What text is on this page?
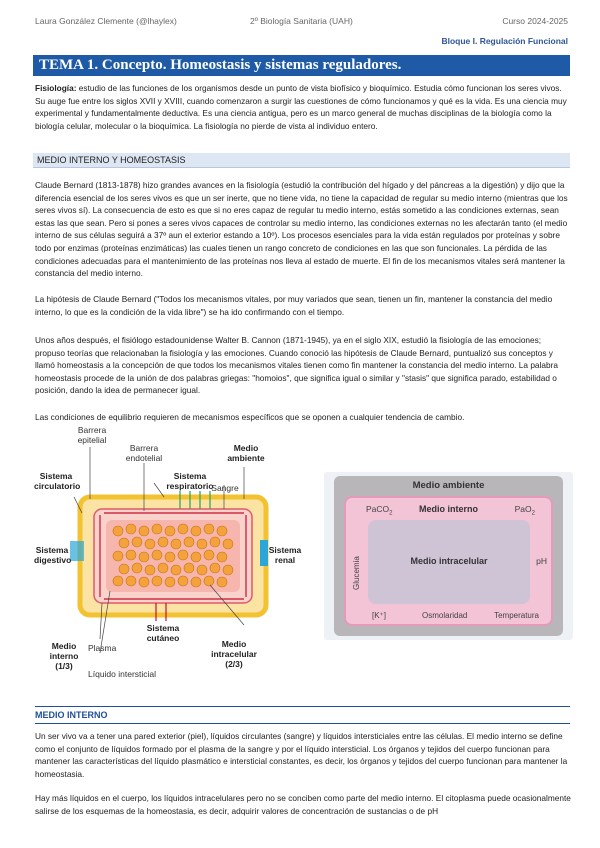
Laura González Clemente (@lhaylex)	2º Biología Sanitaria (UAH)	Curso 2024-2025
Bloque I. Regulación Funcional
TEMA 1. Concepto. Homeostasis y sistemas reguladores.
Fisiología: estudio de las funciones de los organismos desde un punto de vista biofísico y bioquímico. Estudia cómo funcionan los seres vivos. Su auge fue entre los siglos XVII y XVIII, cuando comenzaron a surgir las cuestiones de cómo funcionamos y qué es la vida. Es una ciencia muy experimental y fundamentalmente deductiva. Es una ciencia antigua, pero es un marco general de muchas disciplinas de la biología como la biología celular, molecular o la bioquímica. La fisiología no pierde de vista al individuo entero.
MEDIO INTERNO Y HOMEOSTASIS
Claude Bernard (1813-1878) hizo grandes avances en la fisiología (estudió la contribución del hígado y del páncreas a la digestión) y dijo que la diferencia esencial de los seres vivos es que un ser inerte, que no tiene vida, no tiene la capacidad de regular su medio interno (mientras que los seres vivos sí). La consecuencia de esto es que si no eres capaz de regular tu medio interno, estás sometido a las condiciones externas, sean estas las que sean. Pero si pones a seres vivos capaces de controlar su medio interno, las condiciones externas no les afectarán tanto (el medio interno de sus células seguirá a 37º aun el exterior estando a 10º). Los procesos esenciales para la vida están regulados por proteínas y sobre todo por enzimas (proteínas enzimáticas) las cuales tienen un rango concreto de condiciones en las que son funcionales. La pérdida de las condiciones adecuadas para el mantenimiento de las proteínas nos lleva al estado de muerte. El fin de los mecanismos vitales será mantener la constancia del medio interno.
La hipótesis de Claude Bernard ("Todos los mecanismos vitales, por muy variados que sean, tienen un fin, mantener la constancia del medio interno, lo que es la condición de la vida libre") se ha ido confirmando con el tiempo.
Unos años después, el fisiólogo estadounidense Walter B. Cannon (1871-1945), ya en el siglo XIX, estudió la fisiología de las emociones; propuso teorías que relacionaban la fisiología y las emociones. Cuando conoció las hipótesis de Claude Bernard, puntualizó sus conceptos y llamó homeostasis a la concepción de que todos los mecanismos vitales tienen como fin mantener la constancia del medio interno. La palabra homeostasis procede de la unión de dos palabras griegas: "homoios", que significa igual o similar y "stasis" que significa parado, estabilidad o posición, dando la idea de permanecer igual.
Las condiciones de equilibrio requieren de mecanismos específicos que se oponen a cualquier tendencia de cambio.
Barrera
epitelial
Barrera
endotelial
Medio
ambiente
Sistema
circulatorio
Sistema
respiratorio
Sangre
Sistema
digestivo
Sistema
renal
Sistema
cutáneo
Medio
interno
(1/3)
Plasma
Líquido intersticial
Medio
intracelular
(2/3)
Medio ambiente
PaCO$_2$	Medio interno	PaO$_2$
Glucemia	Medio intracelular	pH
[K⁺]	Osmolaridad	Temperatura
MEDIO INTERNO
Un ser vivo va a tener una pared exterior (piel), líquidos circulantes (sangre) y líquidos intersticiales entre las células. El medio interno se define como el conjunto de líquidos formado por el plasma de la sangre y por el líquido intersticial. Los órganos y tejidos del cuerpo funcionan para mantener las características del líquido plasmático e intersticial constantes, es decir, los órganos y tejidos del cuerpo funcionan para mantener la homeostasia.
Hay más líquidos en el cuerpo, los líquidos intracelulares pero no se conciben como parte del medio interno. El citoplasma puede ocasionalmente salirse de los esquemas de la homeostasia, es decir, adquirir valores de concentración de sustancias o de pH
